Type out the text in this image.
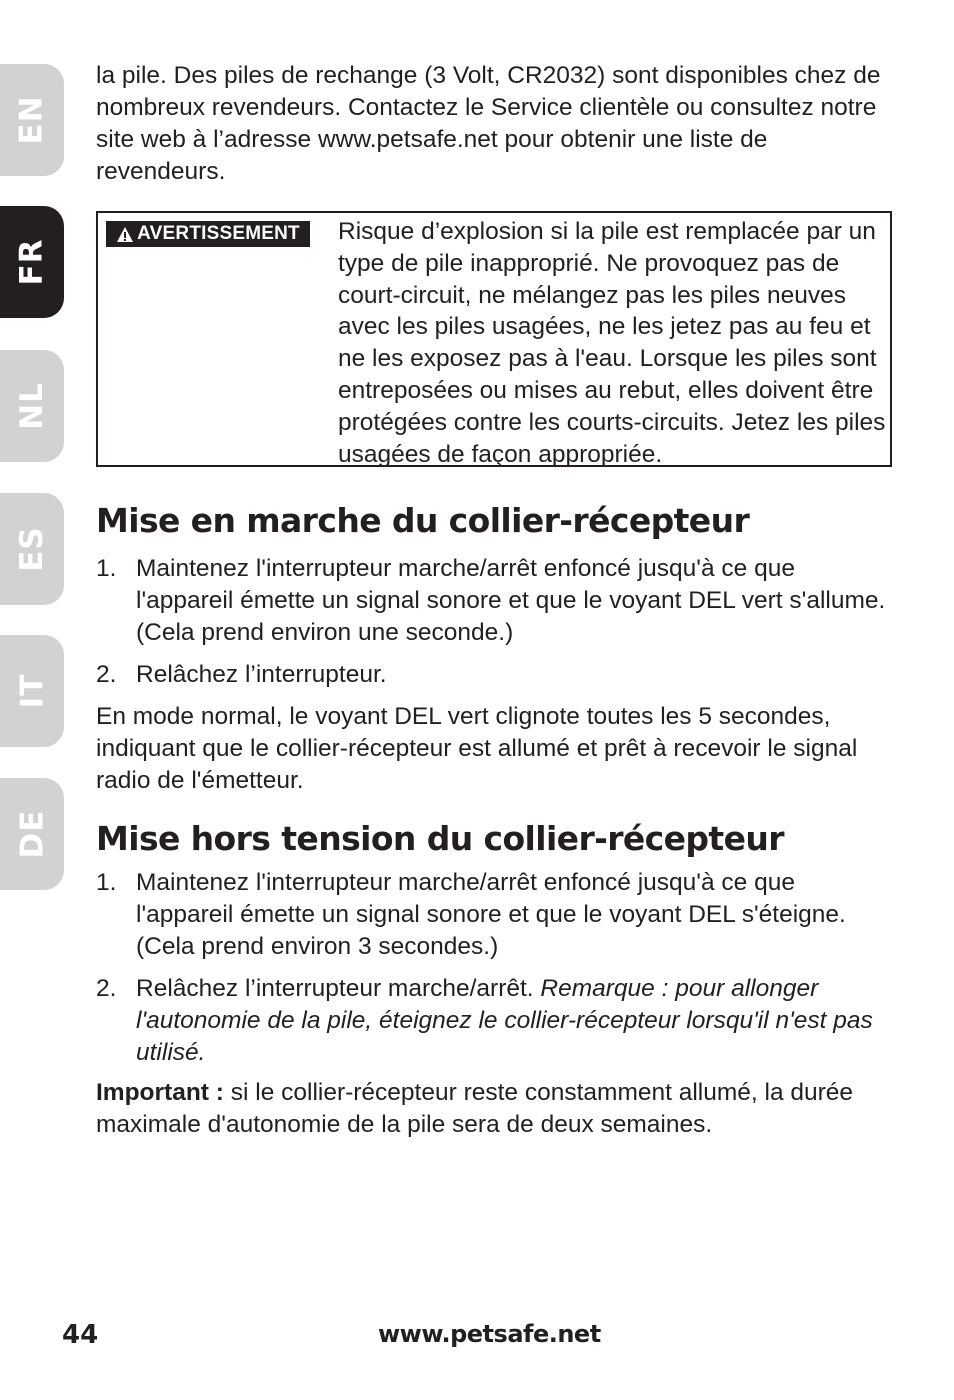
EN
FR
NL
ES
IT
DE

la pile. Des piles de rechange (3 Volt, CR2032) sont disponibles chez de nombreux revendeurs. Contactez le Service clientèle ou consultez notre site web à l’adresse www.petsafe.net pour obtenir une liste de revendeurs.

AVERTISSEMENT Risque d’explosion si la pile est remplacée par un type de pile inapproprié. Ne provoquez pas de court-circuit, ne mélangez pas les piles neuves avec les piles usagées, ne les jetez pas au feu et ne les exposez pas à l'eau. Lorsque les piles sont entreposées ou mises au rebut, elles doivent être protégées contre les courts-circuits. Jetez les piles usagées de façon appropriée.

Mise en marche du collier-récepteur
1. Maintenez l'interrupteur marche/arrêt enfoncé jusqu'à ce que l'appareil émette un signal sonore et que le voyant DEL vert s'allume. (Cela prend environ une seconde.)
2. Relâchez l’interrupteur.

En mode normal, le voyant DEL vert clignote toutes les 5 secondes, indiquant que le collier-récepteur est allumé et prêt à recevoir le signal radio de l'émetteur.

Mise hors tension du collier-récepteur
1. Maintenez l'interrupteur marche/arrêt enfoncé jusqu'à ce que l'appareil émette un signal sonore et que le voyant DEL s'éteigne. (Cela prend environ 3 secondes.)
2. Relâchez l’interrupteur marche/arrêt. Remarque : pour allonger l'autonomie de la pile, éteignez le collier-récepteur lorsqu'il n'est pas utilisé.

Important : si le collier-récepteur reste constamment allumé, la durée maximale d'autonomie de la pile sera de deux semaines.

44	www.petsafe.net
